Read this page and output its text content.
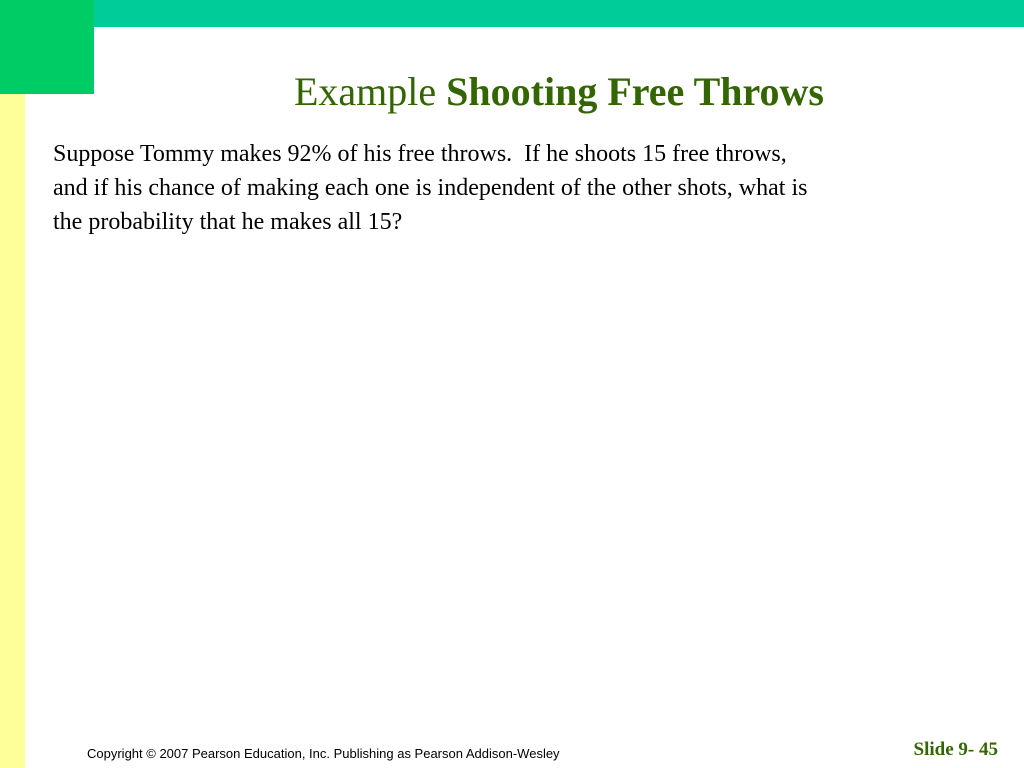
Example Shooting Free Throws
Suppose Tommy makes 92% of his free throws.  If he shoots 15 free throws,
and if his chance of making each one is independent of the other shots, what is
the probability that he makes all 15?
Copyright © 2007 Pearson Education, Inc. Publishing as Pearson Addison-Wesley	Slide 9- 45
